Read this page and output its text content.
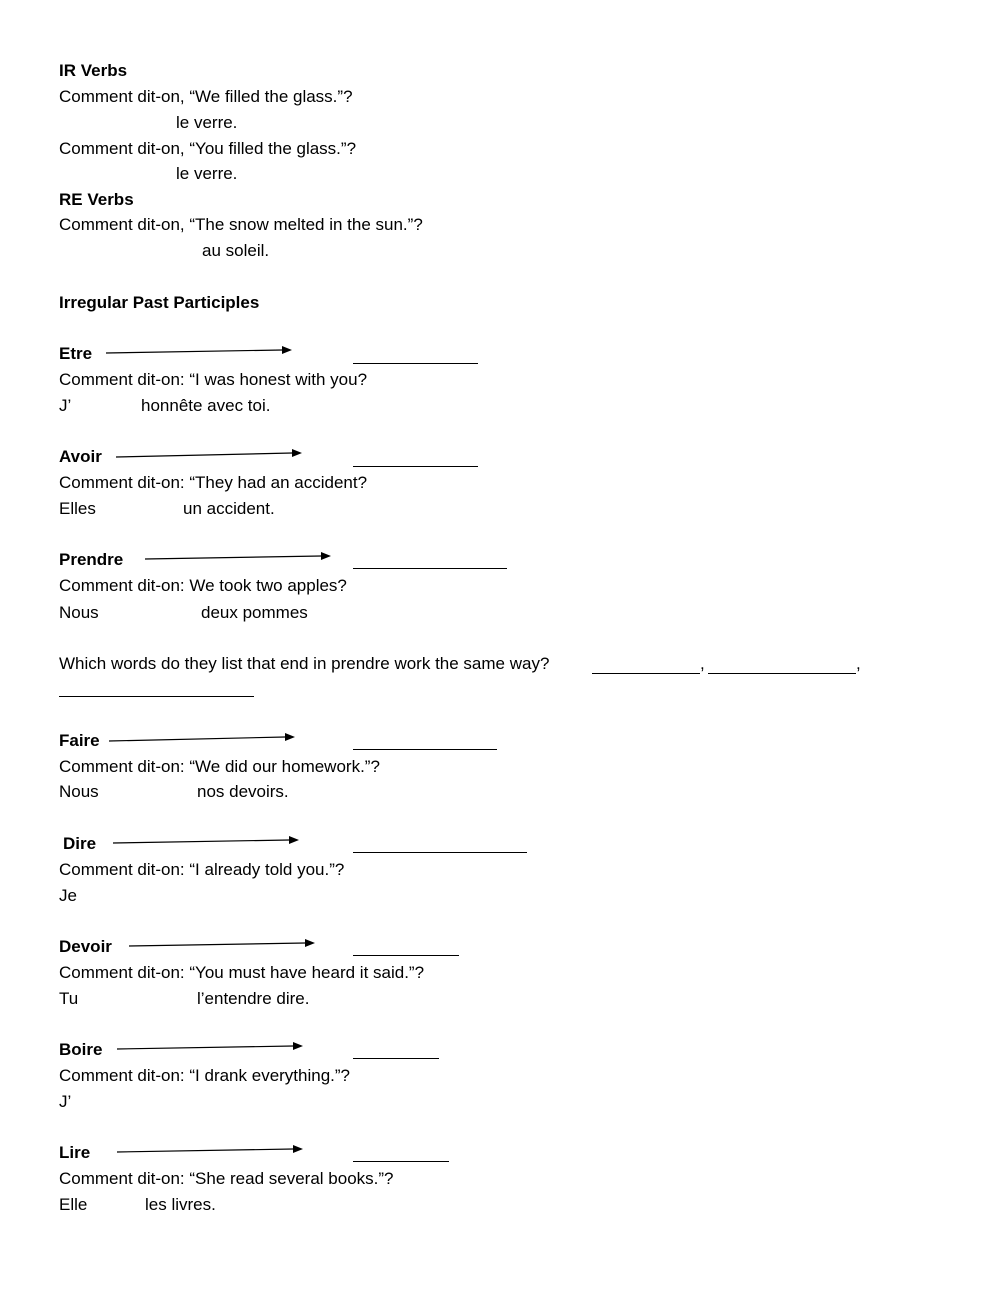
IR Verbs
Comment dit-on, “We filled the glass.”?
le verre.
Comment dit-on, “You filled the glass.”?
le verre.
RE Verbs
Comment dit-on, “The snow melted in the sun.”?
au soleil.
Irregular Past Participles
Etre
Comment dit-on: “I was honest with you?
J’	honnête avec toi.
Avoir
Comment dit-on: “They had an accident?
Elles	un accident.
Prendre
Comment dit-on: We took two apples?
Nous	deux pommes
Which words do they list that end in prendre work the same way?	,	,
Faire
Comment dit-on: “We did our homework.”?
Nous	nos devoirs.
Dire
Comment dit-on: “I already told you.”?
Je
Devoir
Comment dit-on: “You must have heard it said.”?
Tu	l’entendre dire.
Boire
Comment dit-on: “I drank everything.”?
J’
Lire
Comment dit-on: “She read several books.”?
Elle	les livres.
